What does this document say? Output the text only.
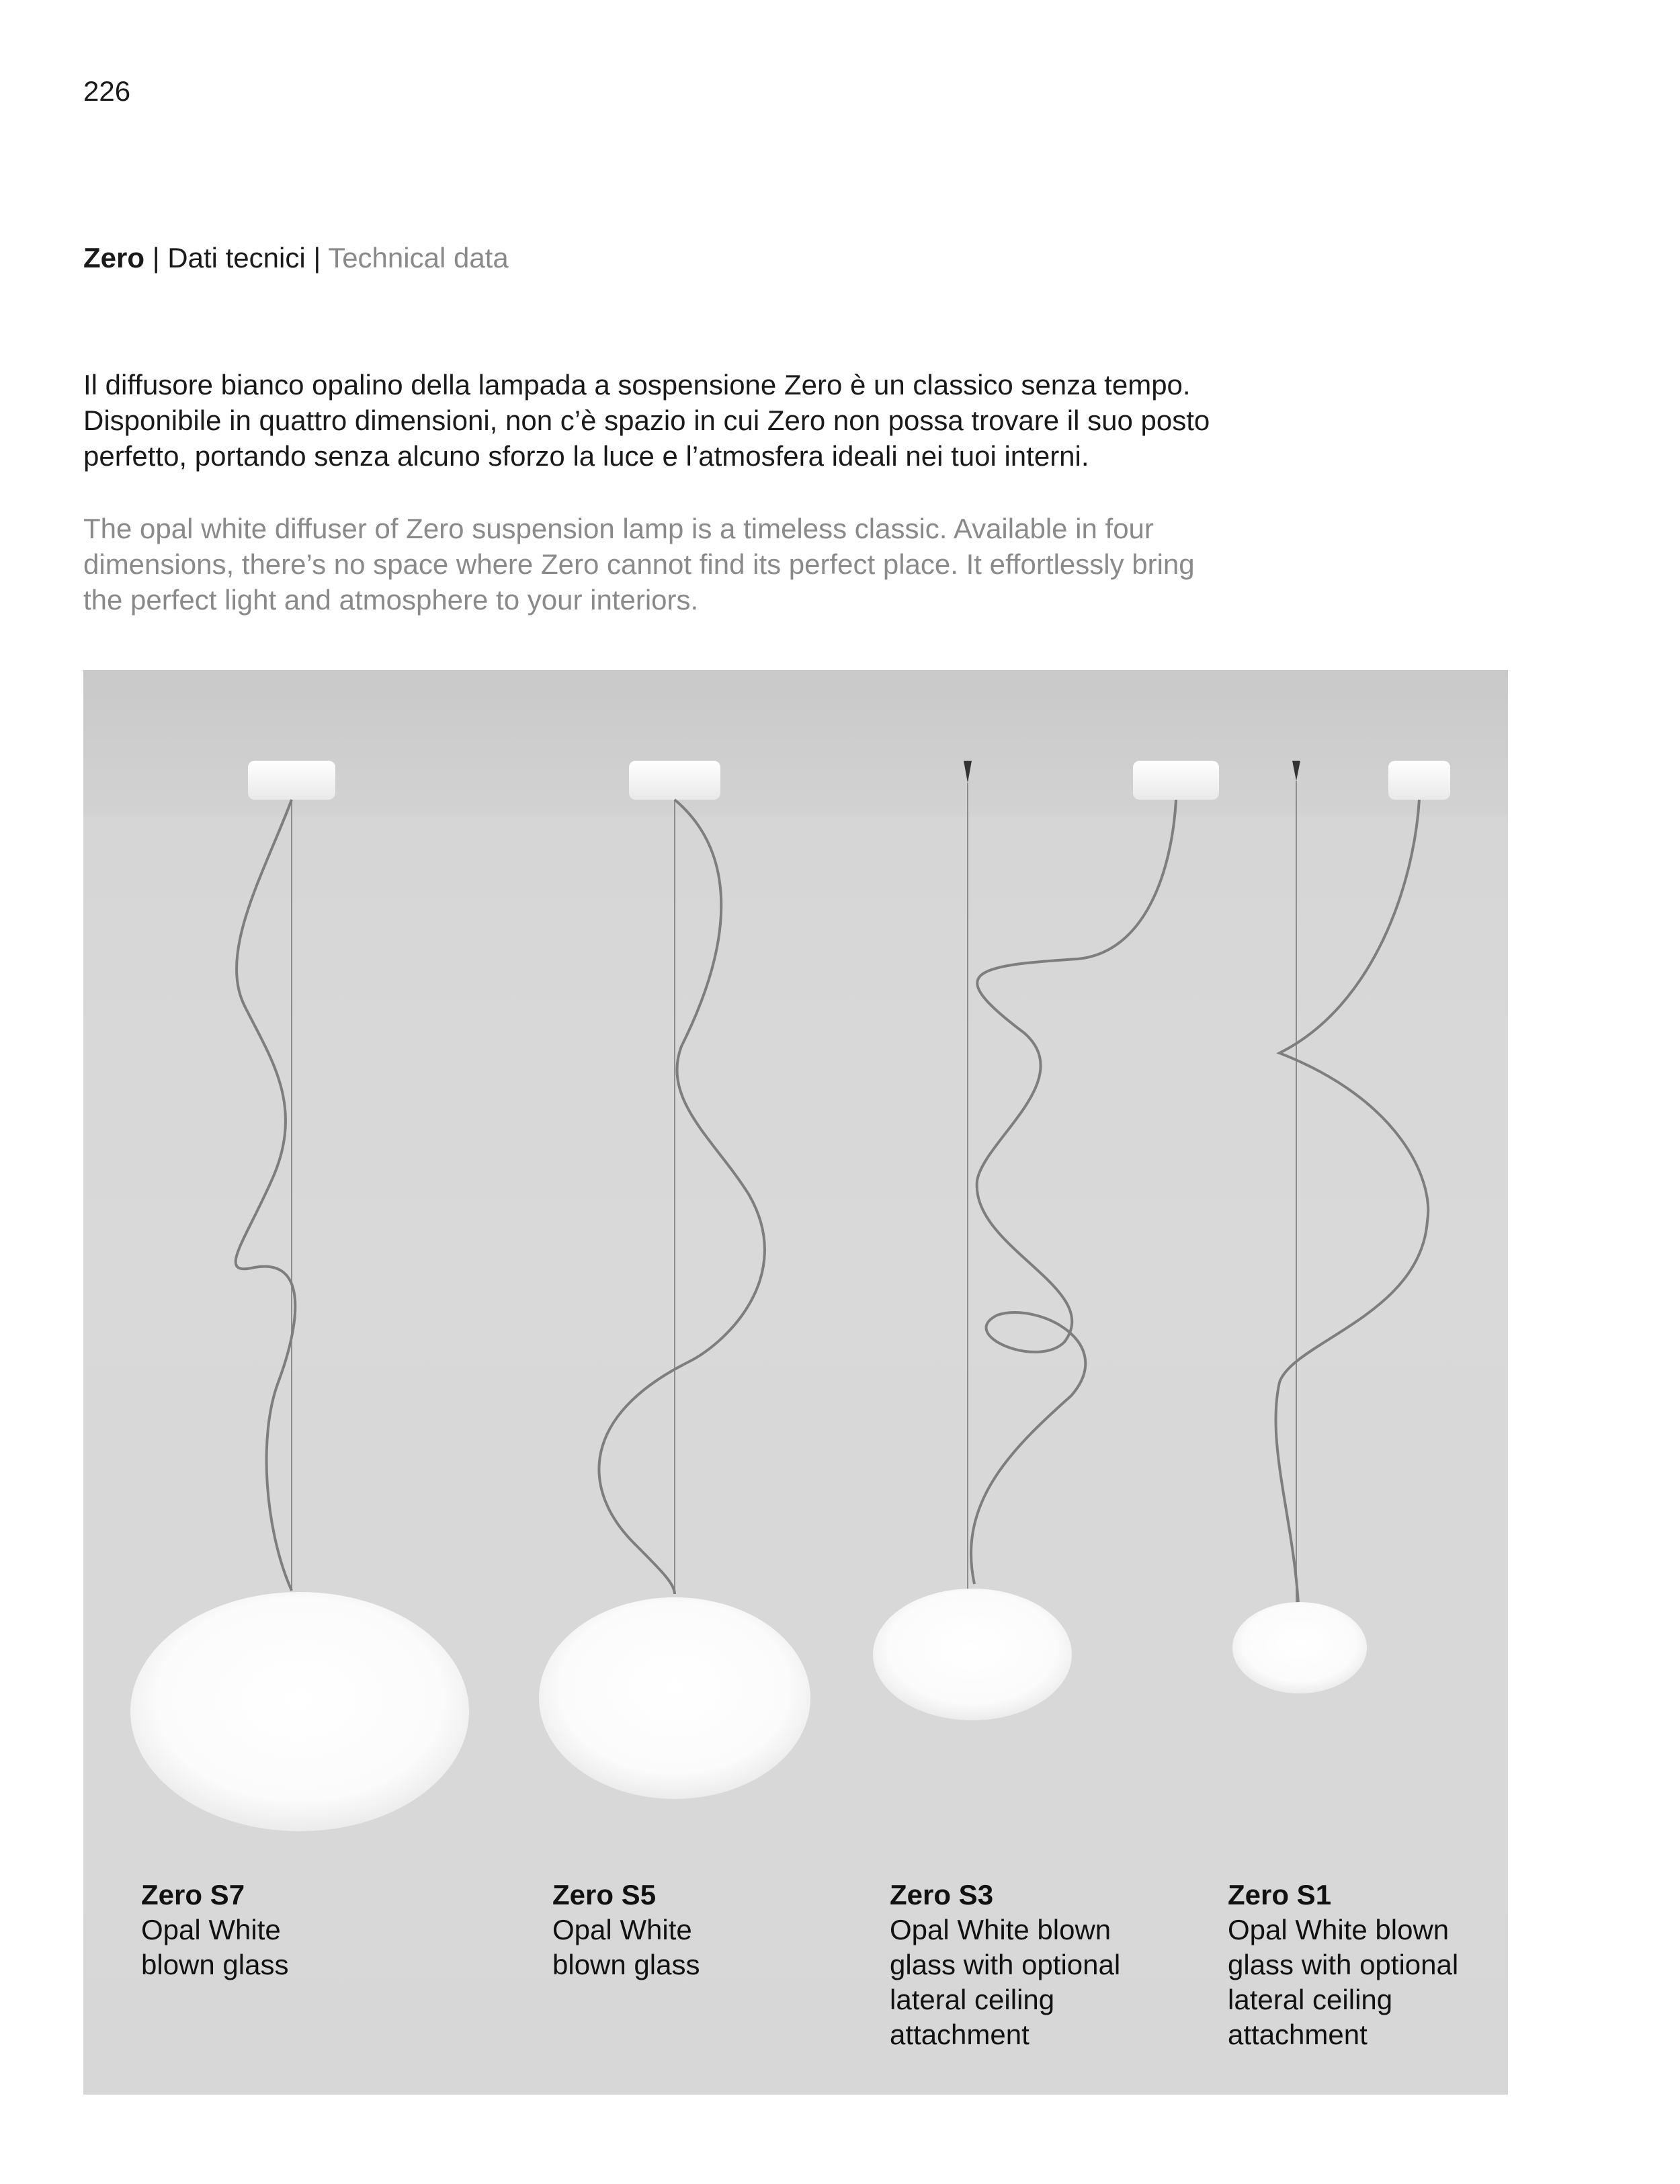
226
Zero | Dati tecnici | Technical data

Il diffusore bianco opalino della lampada a sospensione Zero è un classico senza tempo. Disponibile in quattro dimensioni, non c’è spazio in cui Zero non possa trovare il suo posto perfetto, portando senza alcuno sforzo la luce e l’atmosfera ideali nei tuoi interni.

The opal white diffuser of Zero suspension lamp is a timeless classic. Available in four dimensions, there’s no space where Zero cannot find its perfect place. It effortlessly bring the perfect light and atmosphere to your interiors.

Zero S7
Opal White blown glass
Zero S5
Opal White blown glass
Zero S3
Opal White blown glass with optional lateral ceiling attachment
Zero S1
Opal White blown glass with optional lateral ceiling attachment
